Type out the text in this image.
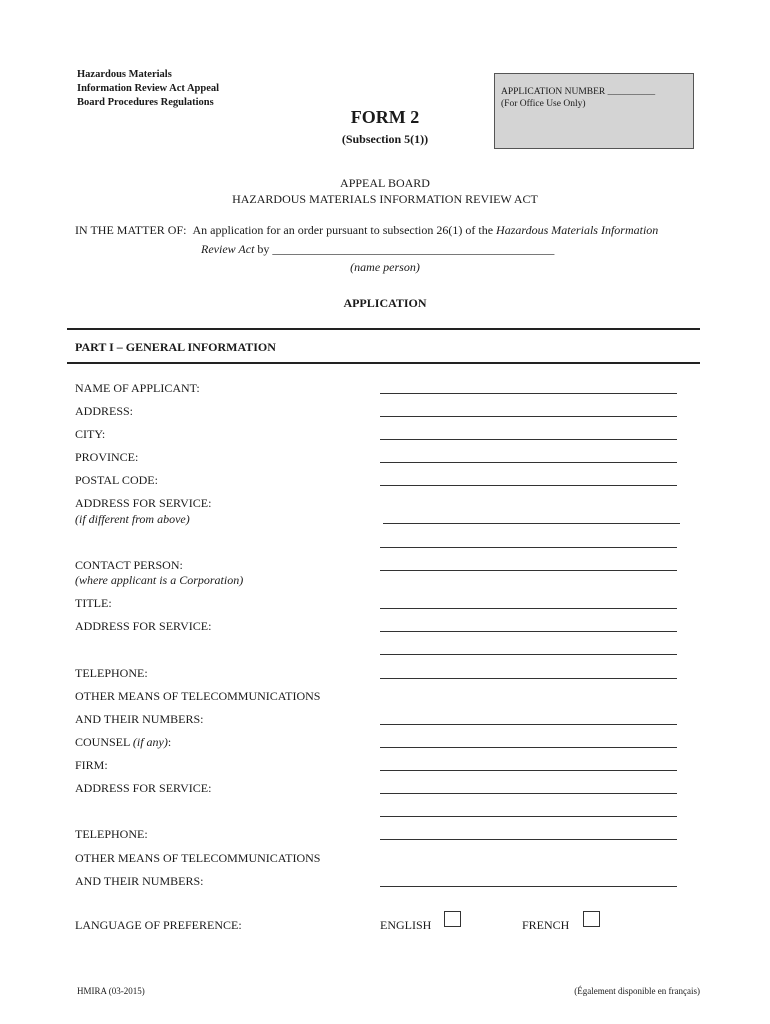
Hazardous Materials
Information Review Act Appeal
Board Procedures Regulations
APPLICATION NUMBER __________
(For Office Use Only)
FORM 2
(Subsection 5(1))
APPEAL BOARD
HAZARDOUS MATERIALS INFORMATION REVIEW ACT
IN THE MATTER OF: An application for an order pursuant to subsection 26(1) of the Hazardous Materials Information
Review Act by _______________________________________________
(name person)
APPLICATION
PART I – GENERAL INFORMATION
NAME OF APPLICANT:
ADDRESS:
CITY:
PROVINCE:
POSTAL CODE:
ADDRESS FOR SERVICE:
(if different from above)
CONTACT PERSON:
(where applicant is a Corporation)
TITLE:
ADDRESS FOR SERVICE:
TELEPHONE:
OTHER MEANS OF TELECOMMUNICATIONS
AND THEIR NUMBERS:
COUNSEL (if any):
FIRM:
ADDRESS FOR SERVICE:
TELEPHONE:
OTHER MEANS OF TELECOMMUNICATIONS
AND THEIR NUMBERS:
LANGUAGE OF PREFERENCE:	ENGLISH	FRENCH
HMIRA (03-2015)	(Également disponible en français)
